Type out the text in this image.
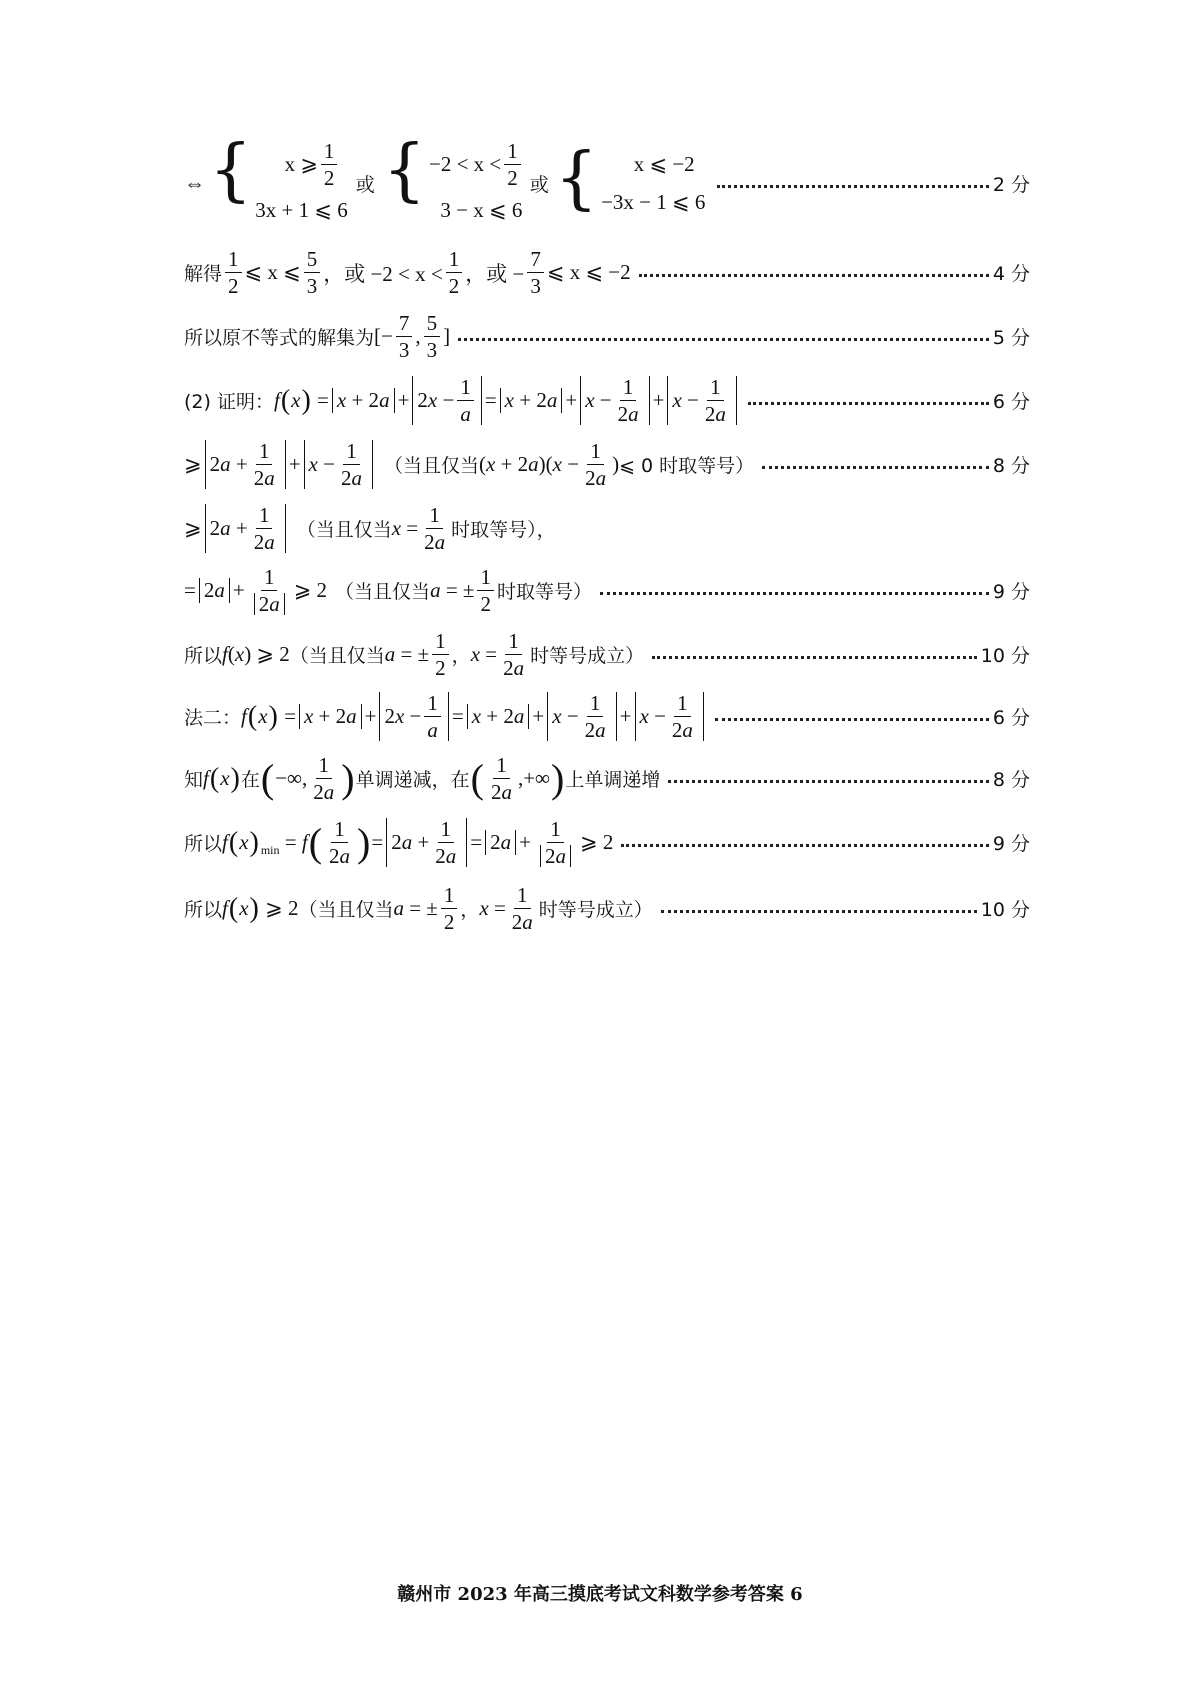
⇔ { x ⩾ $\frac{1}{2}$
3x + 1 ⩽ 6
或 { $-2 < x < \frac{1}{2}$
3 − x ⩽ 6
或 {	x ⩽ −2
−3x − 1 ⩽ 6
2 分
解得 $\frac{1}{2}$ ⩽ x ⩽ $\frac{5}{3}$ ，或 $-2 < x < \frac{1}{2}$ ，或 − $\frac{7}{3}$ ⩽ x ⩽ −2	4 分
所以原不等式的解集为 [− $\frac{7}{3}$ , $\frac{5}{3}$ ]	5 分
(2) 证明： f ( x ) = x + 2 a + 2 $x - \frac{1}{a} = x + 2$ $a + x - \frac{1}{2a} + x - \frac{1}{2a}$	6 分
⩾ 2 $a + \frac{1}{2a} + x - \frac{1}{2a}$ （当且仅当 ( x + 2 a )( $x - \frac{1}{2a}$ ) ⩽ 0 时取等号）	8 分
⩾ 2 $a + \frac{1}{2a}$ （当且仅当 $x = \frac{1}{2a}$ 时取等号），
= 2 $a + \frac{1}{2 a}$ ⩾ 2 （当且仅当 a = ± $\frac{1}{2}$ 时取等号）	9 分
所以 f ( x ) ⩾ 2 （当且仅当 a = ± $\frac{1}{2}$ ， $x = \frac{1}{2a}$ 时等号成立）	10 分
法二： f ( x ) = x + 2 a + 2 $x - \frac{1}{a} = x + 2$ $a + x - \frac{1}{2a} + x - \frac{1}{2a}$	6 分
知 f ( x ) 在 ( −∞, $\frac{1}{2a}$ ) 单调递减，在 ( $\frac{1}{2a}$ ,+∞ ) 上单调递增	8 分
所以 f ( x ) min = f ( $\frac{1}{2a}$ ) = 2 $a + \frac{1}{2a} = 2$ $a + \frac{1}{2 a}$ ⩾ 2	9 分
所以 f ( x ) ⩾ 2 （当且仅当 a = ± $\frac{1}{2}$ ， $x = \frac{1}{2a}$ 时等号成立）	10 分
赣州市 2023 年高三摸底考试文科数学参考答案 6
